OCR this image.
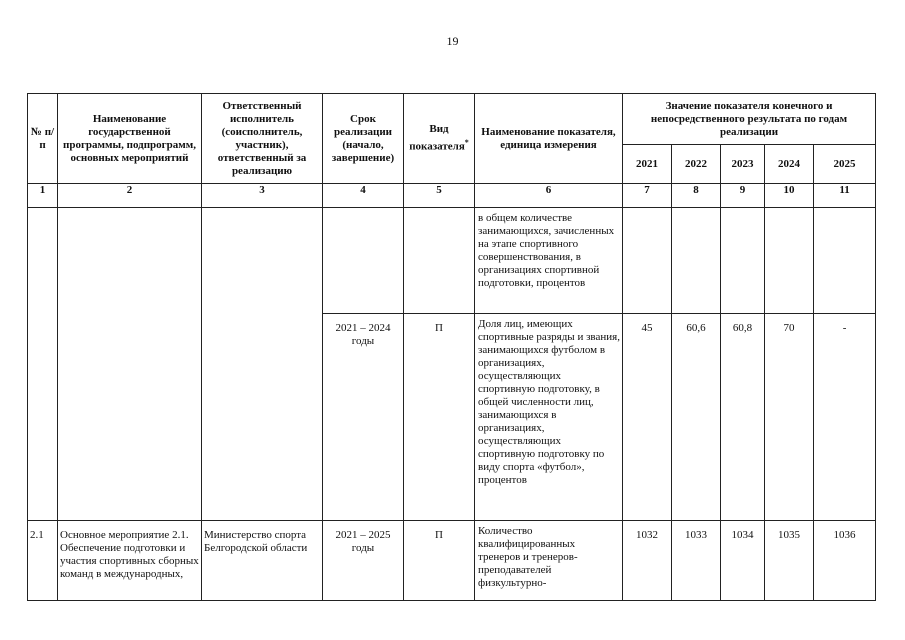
19
№ п/п	Наименование государственной программы, подпрограмм, основных мероприятий	Ответственный исполнитель (соисполнитель, участник), ответственный за реализацию	Срок реализации (начало, завершение)	Вид показателя*	Наименование показателя, единица измерения	Значение показателя конечного и непосредственного результата по годам реализации				
						2021	2022	2023	2024	2025
1	2	3	4	5	6	7	8	9	10	11
					в общем количестве занимающихся, зачисленных на этапе спортивного совершенствования, в организациях спортивной подготовки, процентов					
			2021 – 2024 годы	П	Доля лиц, имеющих спортивные разряды и звания, занимающихся футболом в организациях, осуществляющих спортивную подготовку, в общей численности лиц, занимающихся в организациях, осуществляющих спортивную подготовку по виду спорта «футбол», процентов	45	60,6	60,8	70	-
2.1	Основное мероприятие 2.1. Обеспечение подготовки и участия спортивных сборных команд в международных,	Министерство спорта Белгородской области	2021 – 2025 годы	П	Количество квалифицированных тренеров и тренеров-преподавателей физкультурно-	1032	1033	1034	1035	1036
